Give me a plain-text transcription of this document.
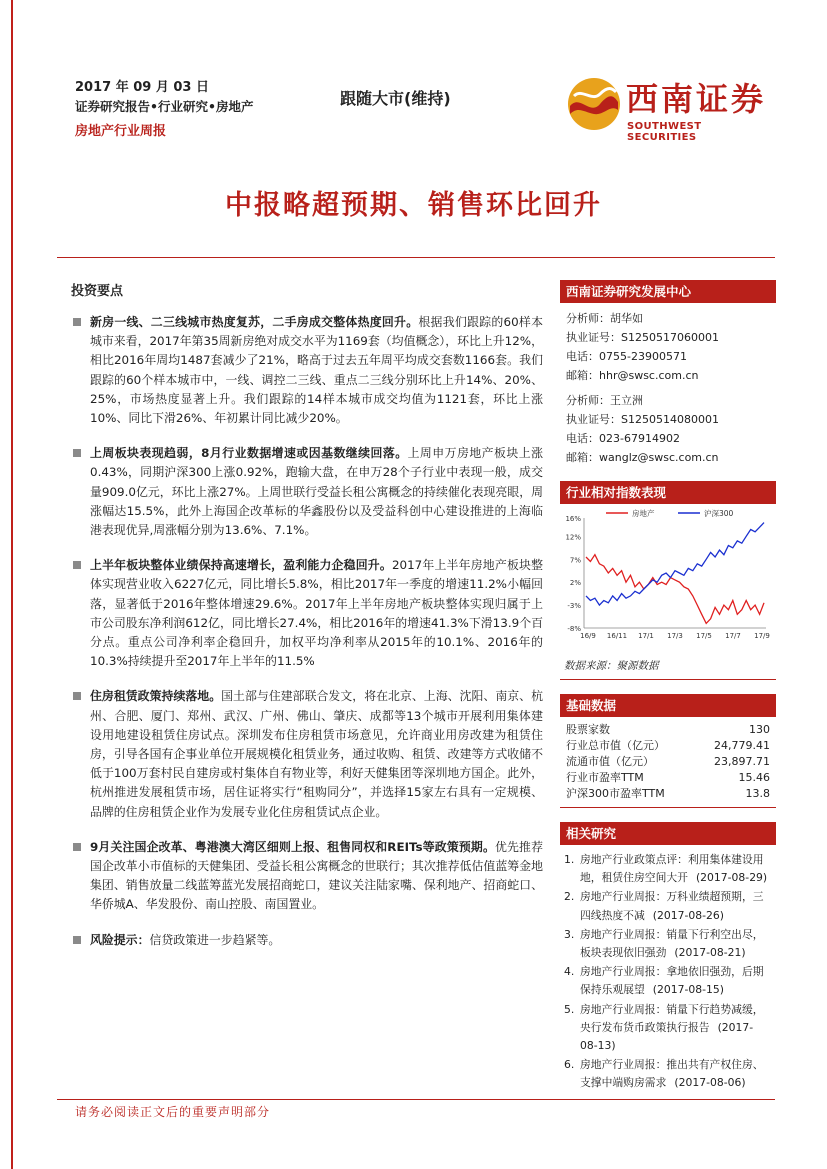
2017 年 09 月 03 日
证券研究报告•行业研究•房地产
房地产行业周报
跟随大市(维持)	西南证券
SOUTHWEST SECURITIES
中报略超预期、销售环比回升
投资要点
新房一线、二三线城市热度复苏，二手房成交整体热度回升。根据我们跟踪的60样本城市来看，2017年第35周新房绝对成交水平为1169套（均值概念），环比上升12%，相比2016年周均1487套减少了21%，略高于过去五年周平均成交套数1166套。我们跟踪的60个样本城市中，一线、调控二三线、重点二三线分别环比上升14%、20%、25%，市场热度显著上升。我们跟踪的14样本城市成交均值为1121套，环比上涨10%、同比下滑26%、年初累计同比减少20%。
上周板块表现趋弱，8月行业数据增速或因基数继续回落。上周申万房地产板块上涨0.43%，同期沪深300上涨0.92%，跑输大盘，在申万28个子行业中表现一般，成交量909.0亿元，环比上涨27%。上周世联行受益长租公寓概念的持续催化表现亮眼，周涨幅达15.5%，此外上海国企改革标的华鑫股份以及受益科创中心建设推进的上海临港表现优异,周涨幅分别为13.6%、7.1%。
上半年板块整体业绩保持高速增长，盈利能力企稳回升。2017年上半年房地产板块整体实现营业收入6227亿元，同比增长5.8%，相比2017年一季度的增速11.2%小幅回落，显著低于2016年整体增速29.6%。2017年上半年房地产板块整体实现归属于上市公司股东净利润612亿，同比增长27.4%，相比2016年的增速41.3%下滑13.9个百分点。重点公司净利率企稳回升，加权平均净利率从2015年的10.1%、2016年的10.3%持续提升至2017年上半年的11.5%
住房租赁政策持续落地。国土部与住建部联合发文，将在北京、上海、沈阳、南京、杭州、合肥、厦门、郑州、武汉、广州、佛山、肇庆、成都等13个城市开展利用集体建设用地建设租赁住房试点。深圳发布住房租赁市场意见，允许商业用房改建为租赁住房，引导各国有企事业单位开展规模化租赁业务，通过收购、租赁、改建等方式收储不低于100万套村民自建房或村集体自有物业等，利好天健集团等深圳地方国企。此外，杭州推进发展租赁市场，居住证将实行“租购同分”，并选择15家左右具有一定规模、品牌的住房租赁企业作为发展专业化住房租赁试点企业。
9月关注国企改革、粤港澳大湾区细则上报、租售同权和REITs等政策预期。优先推荐国企改革小市值标的天健集团、受益长租公寓概念的世联行；其次推荐低估值蓝筹金地集团、销售放量二线蓝筹蓝光发展招商蛇口，建议关注陆家嘴、保利地产、招商蛇口、华侨城A、华发股份、南山控股、南国置业。
风险提示：信贷政策进一步趋紧等。
西南证券研究发展中心
分析师：胡华如
执业证号：S1250517060001
电话：0755-23900571
邮箱：hhr@swsc.com.cn
分析师：王立洲
执业证号：S1250514080001
电话：023-67914902
邮箱：wanglz@swsc.com.cn
行业相对指数表现
16%
12%
7%
2%
-3%
-8%
16/9 16/11 17/1 17/3 17/5 17/7 17/9
房地产	沪深300
数据来源：聚源数据
基础数据
股票家数	130
行业总市值（亿元）	24,779.41
流通市值（亿元）	23,897.71
行业市盈率TTM	15.46
沪深300市盈率TTM	13.8
相关研究
1. 房地产行业政策点评：利用集体建设用地，租赁住房空间大开 (2017-08-29)
2. 房地产行业周报：万科业绩超预期，三四线热度不减 (2017-08-26)
3. 房地产行业周报：销量下行利空出尽，板块表现依旧强劲 (2017-08-21)
4. 房地产行业周报：拿地依旧强劲，后期保持乐观展望 (2017-08-15)
5. 房地产行业周报：销量下行趋势减缓，央行发布货币政策执行报告 (2017-08-13)
6. 房地产行业周报：推出共有产权住房、支撑中端购房需求 (2017-08-06)
请务必阅读正文后的重要声明部分
